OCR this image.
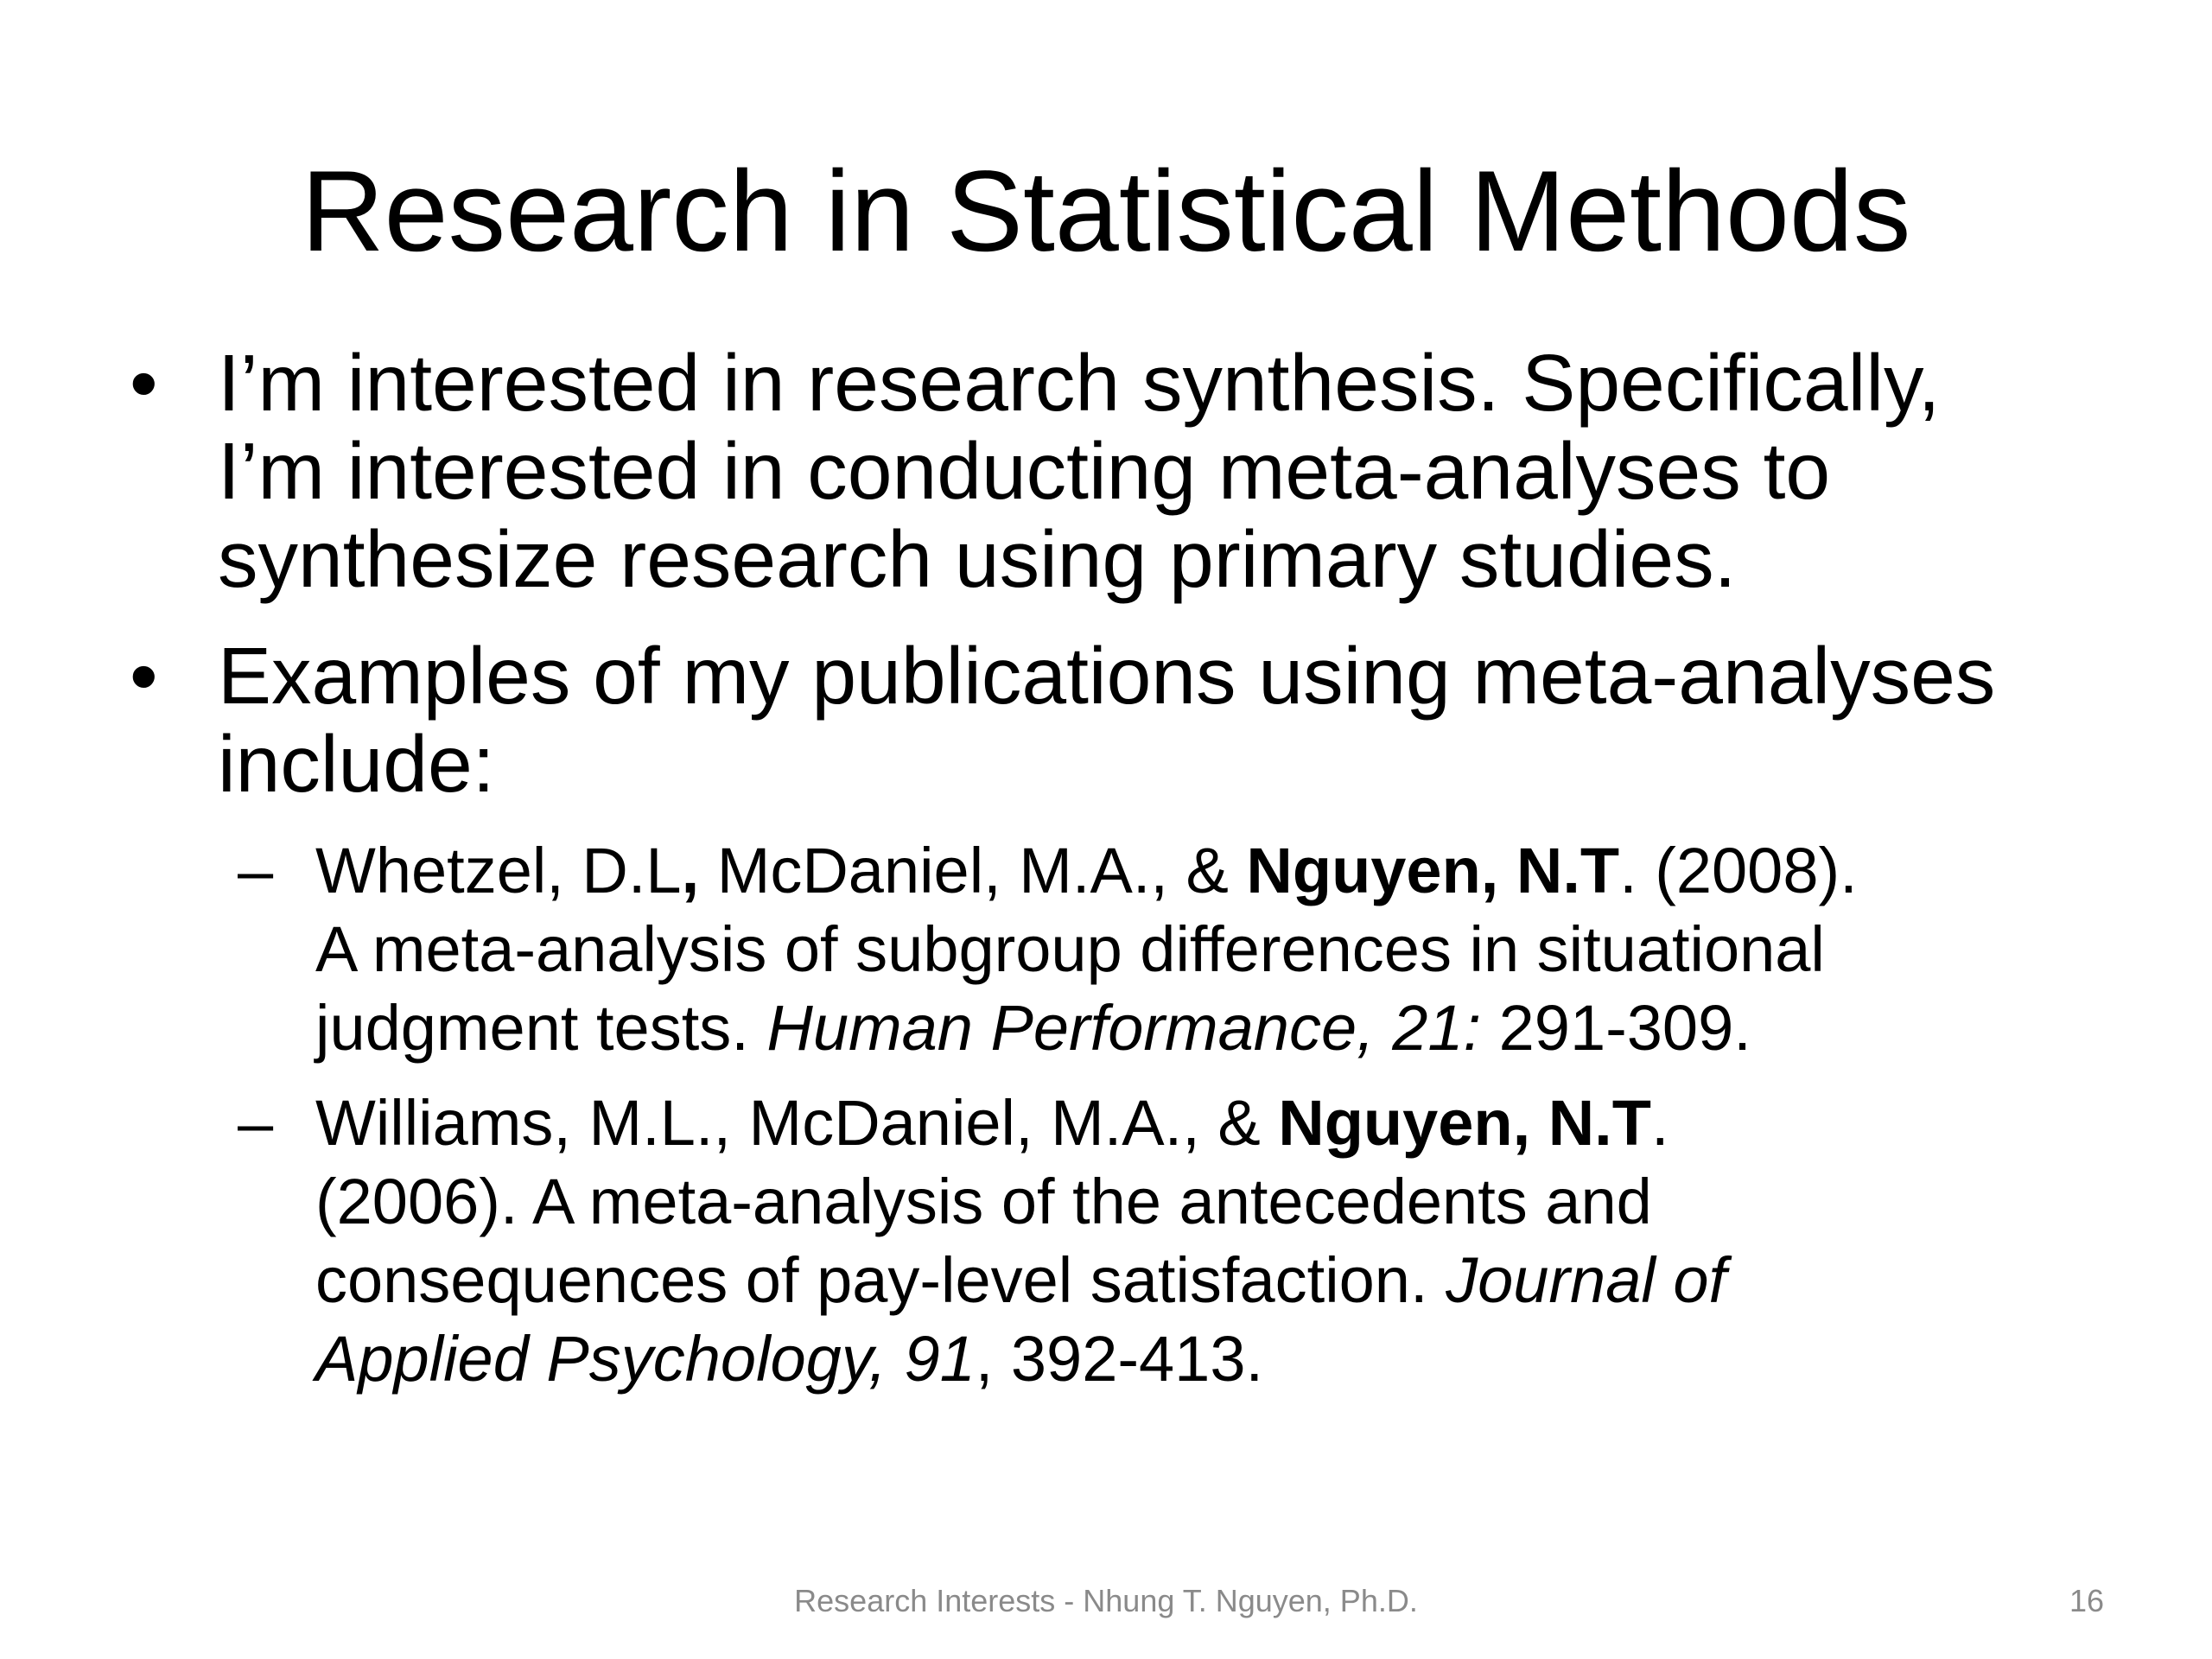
Research in Statistical Methods
• I’m interested in research synthesis. Specifically,
I’m interested in conducting meta-analyses to
synthesize research using primary studies.
• Examples of my publications using meta-analyses
include:
– Whetzel, D.L, McDaniel, M.A., & Nguyen, N.T. (2008).
A meta-analysis of subgroup differences in situational
judgment tests. Human Performance, 21: 291-309.
– Williams, M.L., McDaniel, M.A., & Nguyen, N.T.
(2006). A meta-analysis of the antecedents and
consequences of pay-level satisfaction. Journal of
Applied Psychology, 91, 392-413.
Research Interests - Nhung T. Nguyen, Ph.D.	16
